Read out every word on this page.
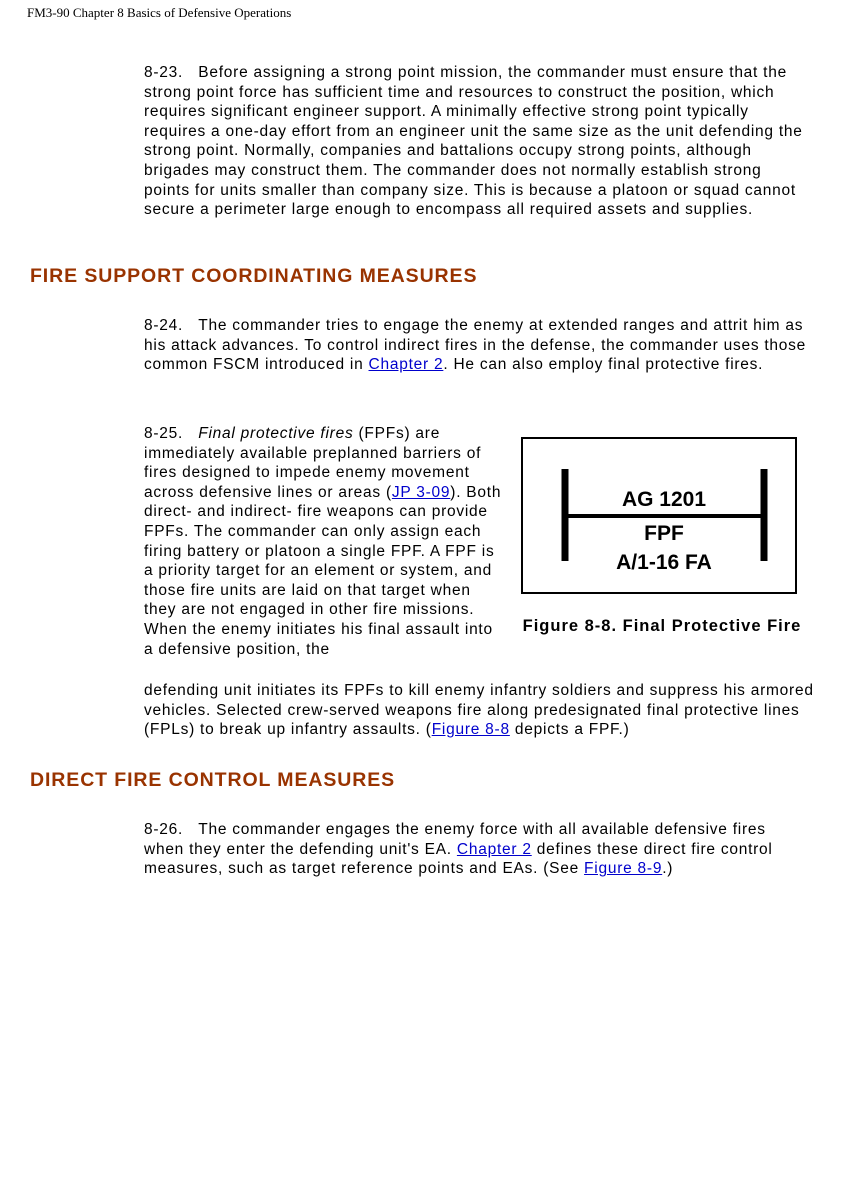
FM3-90 Chapter 8 Basics of Defensive Operations

8-23. Before assigning a strong point mission, the commander must ensure that the strong point force has sufficient time and resources to construct the position, which requires significant engineer support. A minimally effective strong point typically requires a one-day effort from an engineer unit the same size as the unit defending the strong point. Normally, companies and battalions occupy strong points, although brigades may construct them. The commander does not normally establish strong points for units smaller than company size. This is because a platoon or squad cannot secure a perimeter large enough to encompass all required assets and supplies.

FIRE SUPPORT COORDINATING MEASURES

8-24. The commander tries to engage the enemy at extended ranges and attrit him as his attack advances. To control indirect fires in the defense, the commander uses those common FSCM introduced in Chapter 2. He can also employ final protective fires.

8-25. Final protective fires (FPFs) are immediately available preplanned barriers of fires designed to impede enemy movement across defensive lines or areas (JP 3-09). Both direct- and indirect- fire weapons can provide FPFs. The commander can only assign each firing battery or platoon a single FPF. A FPF is a priority target for an element or system, and those fire units are laid on that target when they are not engaged in other fire missions. When the enemy initiates his final assault into a defensive position, the
AG 1201
FPF
A/1-16 FA
Figure 8-8. Final Protective Fire
defending unit initiates its FPFs to kill enemy infantry soldiers and suppress his armored vehicles. Selected crew-served weapons fire along predesignated final protective lines (FPLs) to break up infantry assaults. (Figure 8-8 depicts a FPF.)
DIRECT FIRE CONTROL MEASURES

8-26. The commander engages the enemy force with all available defensive fires when they enter the defending unit's EA. Chapter 2 defines these direct fire control measures, such as target reference points and EAs. (See Figure 8-9.)
